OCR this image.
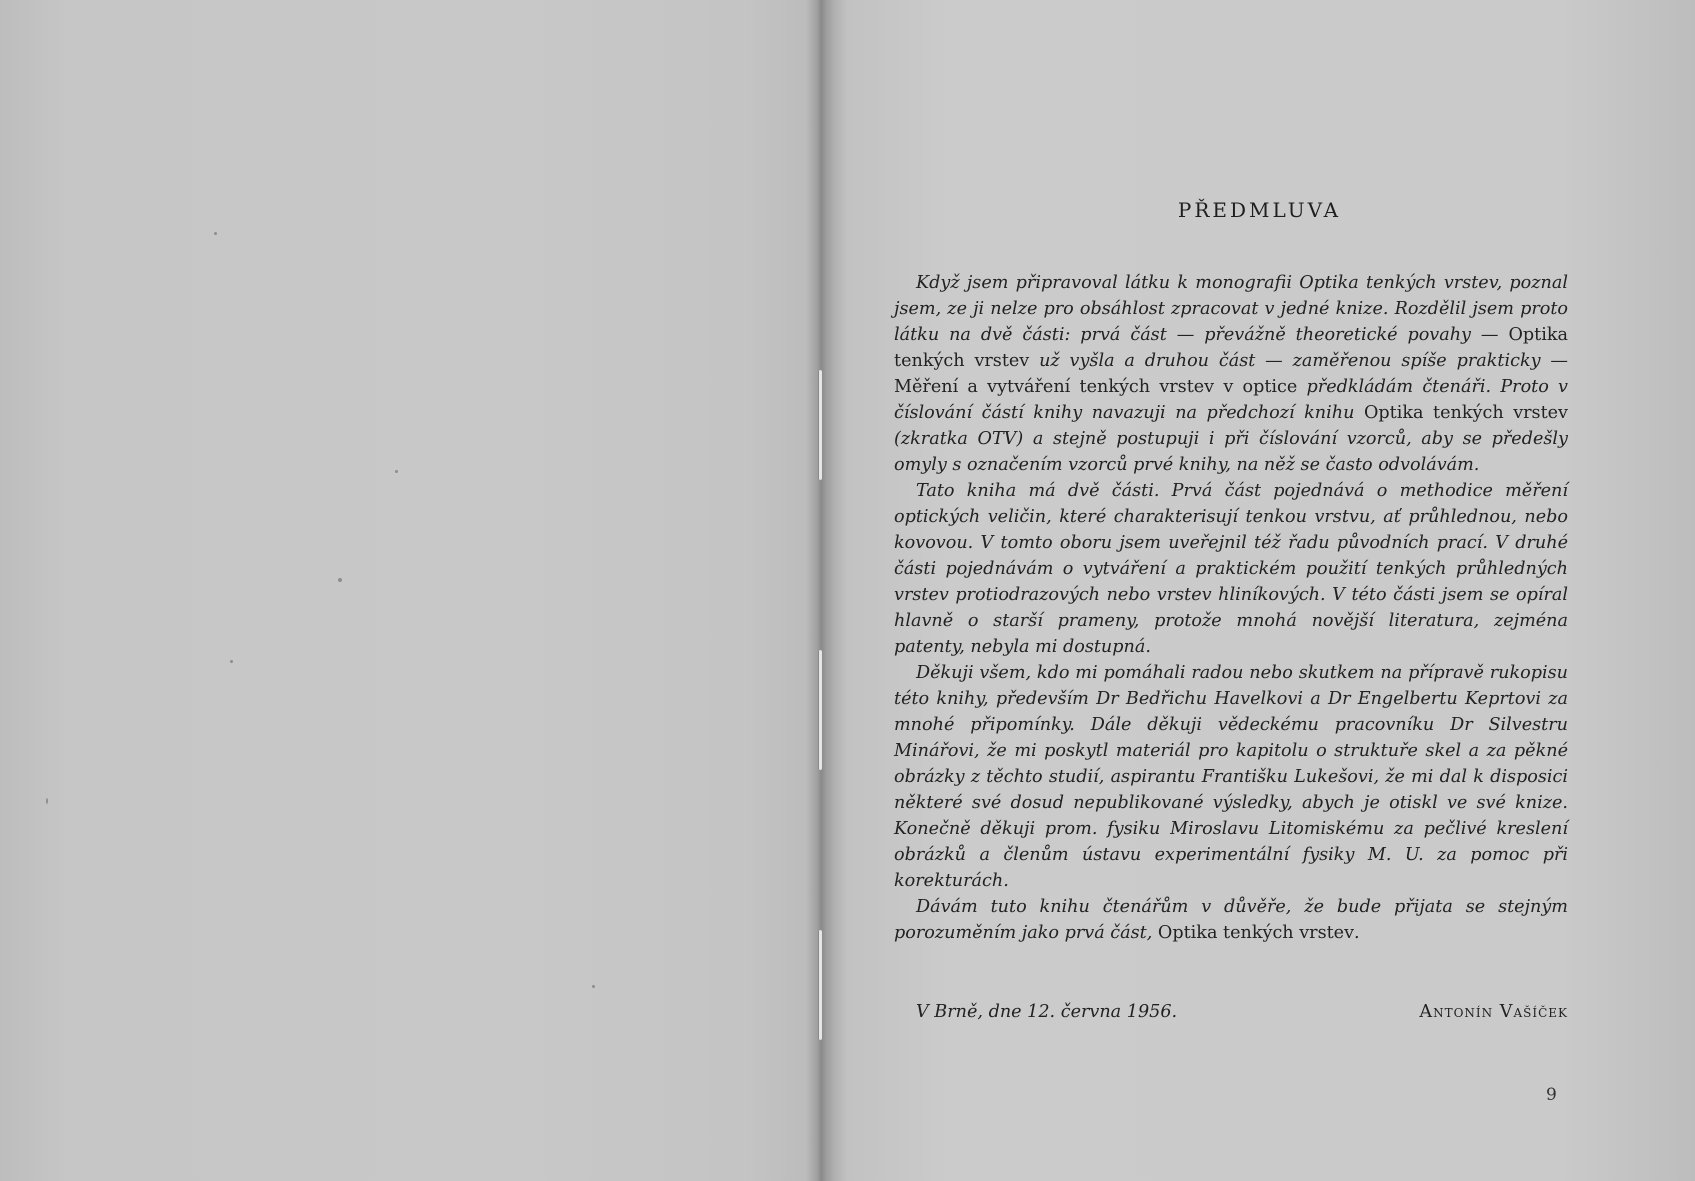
PŘEDMLUVA

Když jsem připravoval látku k monografii Optika tenkých vrstev, poznal jsem, ze ji nelze pro obsáhlost zpracovat v jedné knize. Rozdělil jsem proto látku na dvě části: prvá část — převážně theoretické povahy — Optika tenkých vrstev už vyšla a druhou část — zaměřenou spíše prakticky — Měření a vytváření tenkých vrstev v optice předkládám čtenáři. Proto v číslování částí knihy navazuji na předchozí knihu Optika tenkých vrstev (zkratka OTV) a stejně postupuji i při číslování vzorců, aby se předešly omyly s označením vzorců prvé knihy, na něž se často odvolávám.

Tato kniha má dvě části. Prvá část pojednává o methodice měření optických veličin, které charakterisují tenkou vrstvu, ať průhlednou, nebo kovovou. V tomto oboru jsem uveřejnil též řadu původních prací. V druhé části pojednávám o vytváření a praktickém použití tenkých průhledných vrstev protiodrazových nebo vrstev hliníkových. V této části jsem se opíral hlavně o starší prameny, protože mnohá novější literatura, zejména patenty, nebyla mi dostupná.

Děkuji všem, kdo mi pomáhali radou nebo skutkem na přípravě rukopisu této knihy, především Dr Bedřichu Havelkovi a Dr Engelbertu Keprtovi za mnohé připomínky. Dále děkuji vědeckému pracovníku Dr Silvestru Minářovi, že mi poskytl materiál pro kapitolu o struktuře skel a za pěkné obrázky z těchto studií, aspirantu Františku Lukešovi, že mi dal k disposici některé své dosud nepublikované výsledky, abych je otiskl ve své knize. Konečně děkuji prom. fysiku Miroslavu Litomiskému za pečlivé kreslení obrázků a členům ústavu experimentální fysiky M. U. za pomoc při korekturách.

Dávám tuto knihu čtenářům v důvěře, že bude přijata se stejným porozuměním jako prvá část, Optika tenkých vrstev.

V Brně, dne 12. června 1956.	Antonín Vašíček
9
